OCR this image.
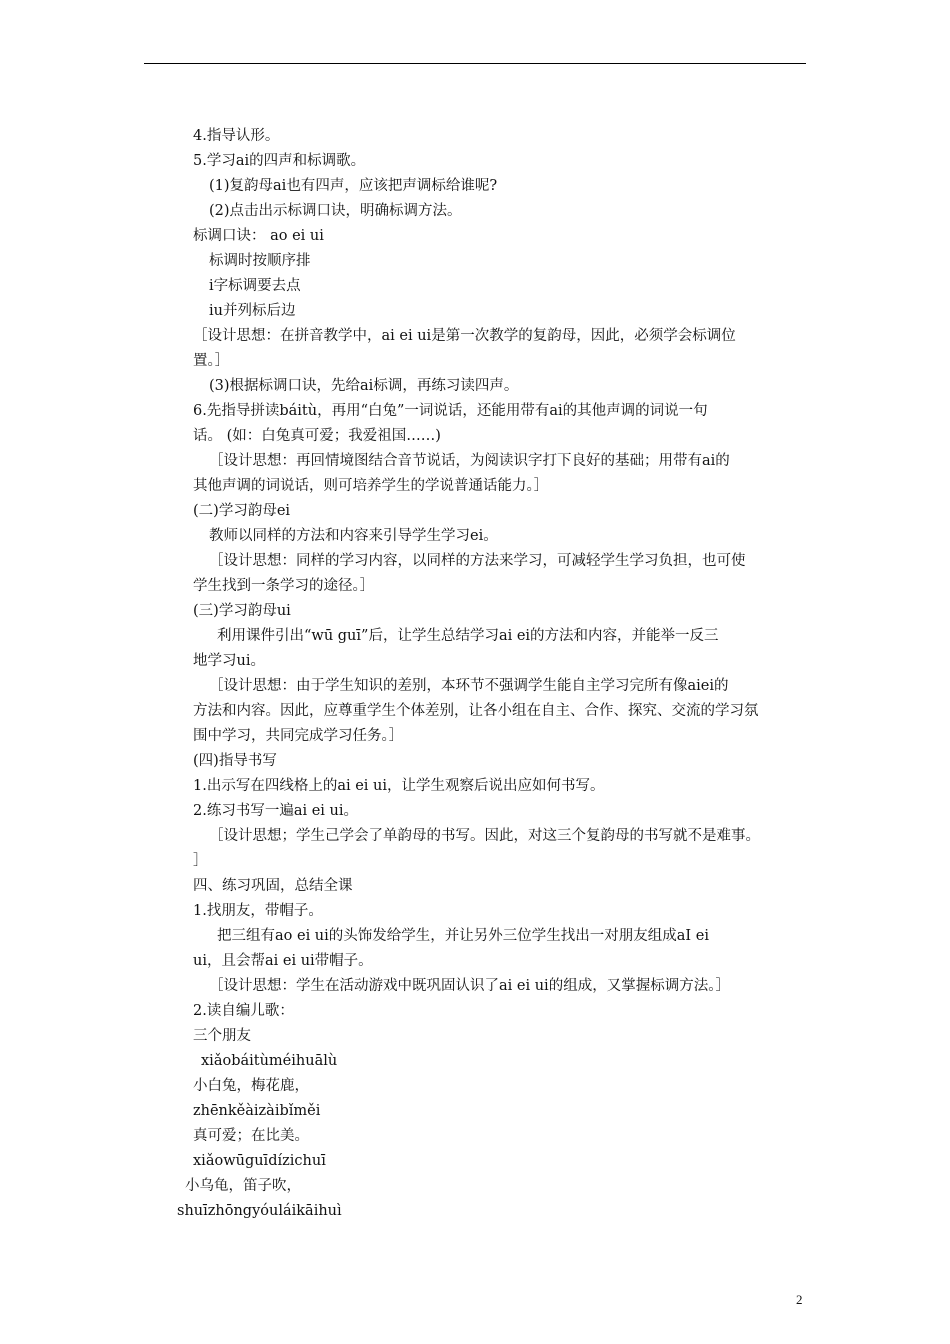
4.指导认形。
5.学习ai的四声和标调歌。
(1)复韵母ai也有四声，应该把声调标给谁呢?
(2)点击出示标调口诀，明确标调方法。
标调口诀： ao ei ui
标调时按顺序排
i字标调要去点
iu并列标后边
［设计思想：在拼音教学中，ai ei ui是第一次教学的复韵母，因此，必须学会标调位
置。］
(3)根据标调口诀，先给ai标调，再练习读四声。
6.先指导拼读báitù，再用“白兔”一词说话，还能用带有ai的其他声调的词说一句
话。 (如：白兔真可爱；我爱祖国……)
［设计思想：再回情境图结合音节说话，为阅读识字打下良好的基础；用带有ai的
其他声调的词说话，则可培养学生的学说普通话能力。］
(二)学习韵母ei
教师以同样的方法和内容来引导学生学习ei。
［设计思想：同样的学习内容，以同样的方法来学习，可减轻学生学习负担，也可使
学生找到一条学习的途径。］
(三)学习韵母ui
利用课件引出“wū guī”后，让学生总结学习ai ei的方法和内容，并能举一反三
地学习ui。
［设计思想：由于学生知识的差别，本环节不强调学生能自主学习完所有像aiei的
方法和内容。因此，应尊重学生个体差别，让各小组在自主、合作、探究、交流的学习氛
围中学习，共同完成学习任务。］
(四)指导书写
1.出示写在四线格上的ai ei ui，让学生观察后说出应如何书写。
2.练习书写一遍ai ei ui。
［设计思想；学生己学会了单韵母的书写。因此，对这三个复韵母的书写就不是难事。
］
四、练习巩固，总结全课
1.找朋友，带帽子。
把三组有ao ei ui的头饰发给学生，并让另外三位学生找出一对朋友组成aI ei
ui，且会帮ai ei ui带帽子。
［设计思想：学生在活动游戏中既巩固认识了ai ei ui的组成，又掌握标调方法。］
2.读自编儿歌：
三个朋友
xiǎobáitùméihuālù
小白兔，梅花鹿，
zhēnkěàizàibǐměi
真可爱；在比美。
xiǎowūguīdízichuī
小乌龟，笛子吹，
shuīzhōngyóuláikāihuì
2
